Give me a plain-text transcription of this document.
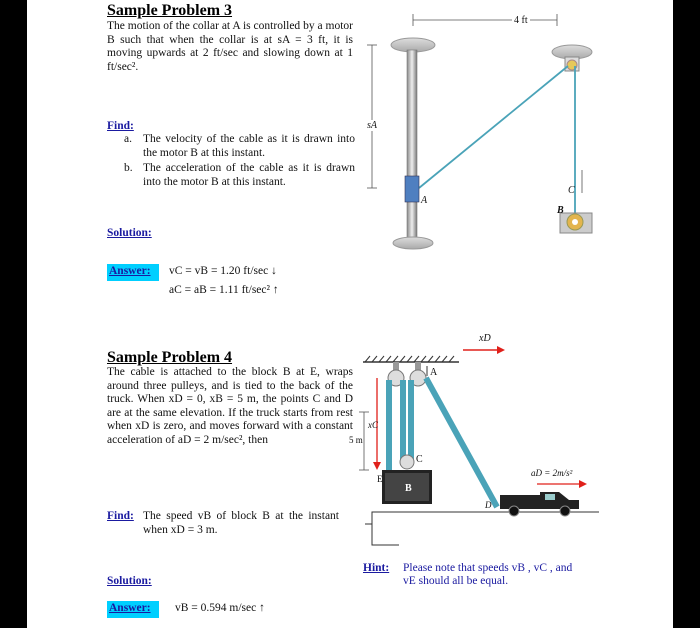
Sample Problem 3
The motion of the collar at A is controlled by a motor B such that when the collar is at sA = 3 ft, it is moving upwards at 2 ft/sec and slowing down at 1 ft/sec².
Find:
a. The velocity of the cable as it is drawn into the motor B at this instant.
b. The acceleration of the cable as it is drawn into the motor B at this instant.
Solution:
Answer: vC = vB = 1.20 ft/sec ↓
aC = aB = 1.11 ft/sec² ↑
4 ft
sA
A
B
C
Sample Problem 4
The cable is attached to the block B at E, wraps around three pulleys, and is tied to the back of the truck. When xD = 0, xB = 5 m, the points C and D are at the same elevation. If the truck starts from rest when xD is zero, and moves forward with a constant acceleration of aD = 2 m/sec², then
Find: The speed vB of block B at the instant when xD = 3 m.
Solution:
Answer: vB = 0.594 m/sec ↑
xD
A
xC
5 m
C
E
B
D
aD = 2m/s²
Hint: Please note that speeds vB , vC , and vE should all be equal.
